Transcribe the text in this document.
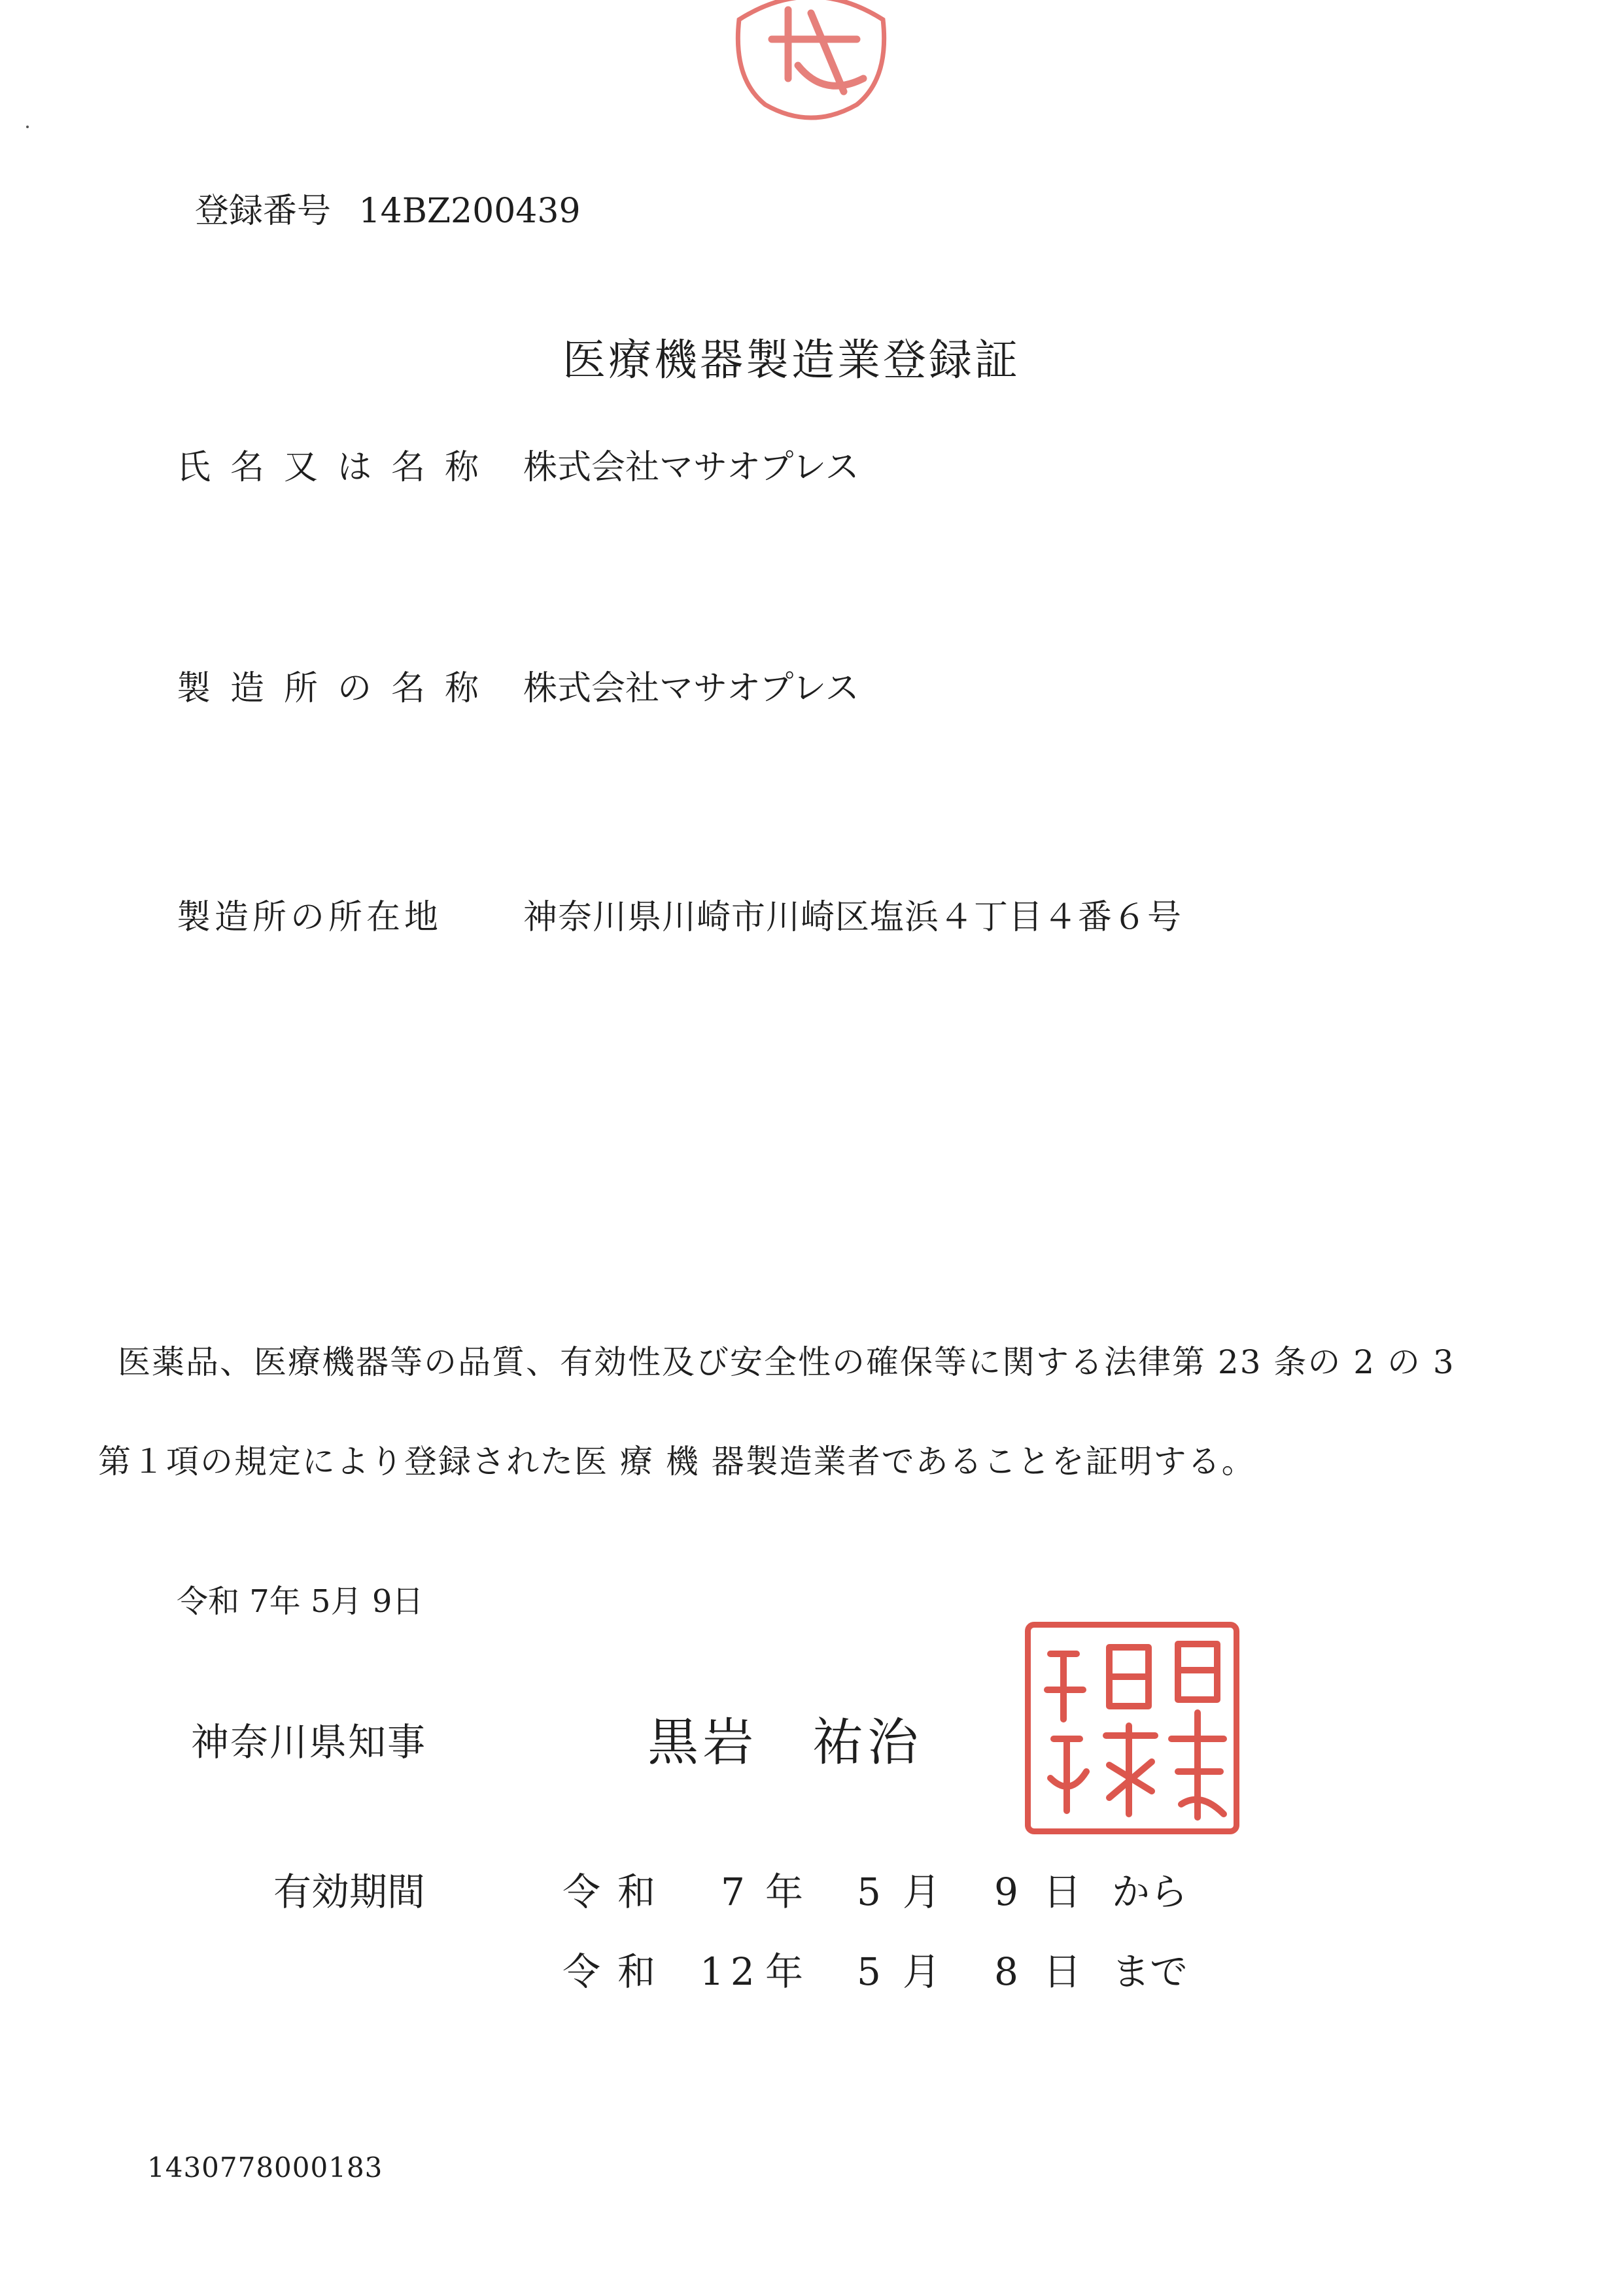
登録番号 14BZ200439
医療機器製造業登録証
氏名又は名称 株式会社マサオプレス
製造所の名称 株式会社マサオプレス
製造所の所在地 神奈川県川崎市川崎区塩浜４丁目４番６号
医薬品、医療機器等の品質、有効性及び安全性の確保等に関する法律第 23 条の 2 の 3
第１項の規定により登録された医 療 機 器製造業者であることを証明する。
令和 7年 5月 9日
神奈川県知事	黒岩　祐治
有効期間	令和 7 年 5 月 9 日 から
令和 12 年 5 月 8 日 まで
1430778000183
